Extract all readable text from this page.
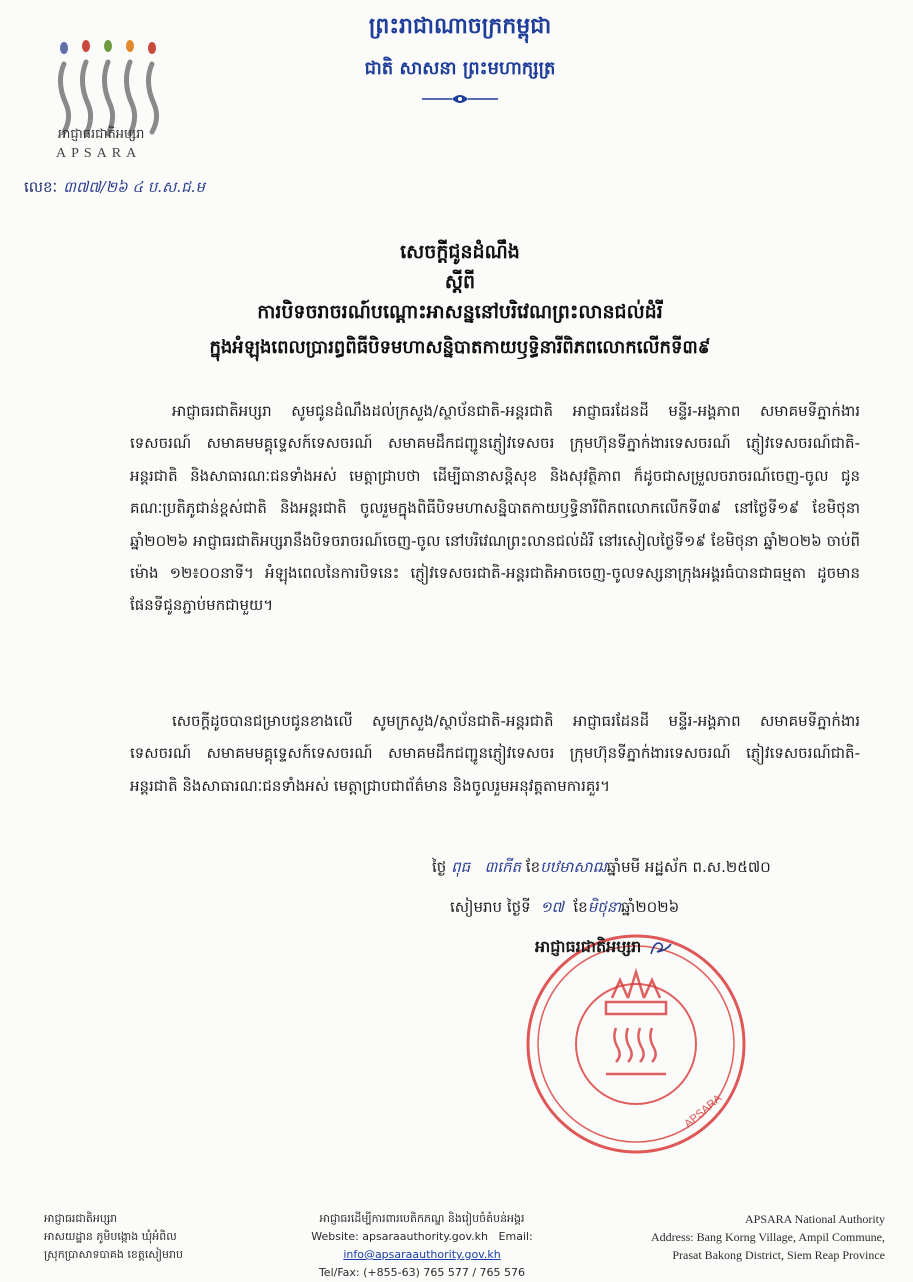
អាជ្ញាធរជាតិអប្សរា
APSARA
ព្រះរាជាណាចក្រកម្ពុជា
ជាតិ សាសនា ព្រះមហាក្សត្រ
លេខៈ ៣៧៧/២៦ ៤ ប.ស.ជ.ម
សេចក្តីជូនដំណឹង
ស្តីពី
ការបិទចរាចរណ៍បណ្តោះអាសន្ននៅបរិវេណព្រះលានជល់ដំរី
ក្នុងអំឡុងពេលប្រារព្ធពិធីបិទមហាសន្និបាតកាយឫទ្ធិនារីពិភពលោកលើកទី៣៩
អាជ្ញាធរជាតិអប្សរា សូមជូនដំណឹងដល់ក្រសួង/ស្ថាប័នជាតិ-អន្តរជាតិ អាជ្ញាធរដែនដី មន្ទីរ-អង្គភាព សមាគមទីភ្នាក់ងារទេសចរណ៍ សមាគមមគ្គុទ្ទេសក៍ទេសចរណ៍ សមាគមដឹកជញ្ជូនភ្ញៀវទេសចរ ក្រុមហ៊ុនទីភ្នាក់ងារទេសចរណ៍ ភ្ញៀវទេសចរណ៍ជាតិ-អន្តរជាតិ និងសាធារណៈជនទាំងអស់ មេត្តាជ្រាបថា ដើម្បីធានាសន្តិសុខ និងសុវត្ថិភាព ក៏ដូចជាសម្រួលចរាចរណ៍ចេញ-ចូល ជូនគណៈប្រតិភូជាន់ខ្ពស់ជាតិ និងអន្តរជាតិ ចូលរួមក្នុងពិធីបិទមហាសន្និបាតកាយឫទ្ធិនារីពិភពលោកលើកទី៣៩ នៅថ្ងៃទី១៩ ខែមិថុនា ឆ្នាំ២០២៦ អាជ្ញាធរជាតិអប្សរានឹងបិទចរាចរណ៍ចេញ-ចូល នៅបរិវេណព្រះលានជល់ដំរី នៅរសៀលថ្ងៃទី១៩ ខែមិថុនា ឆ្នាំ២០២៦ ចាប់ពីម៉ោង ១២៖០០នាទី។ អំឡុងពេលនៃការបិទនេះ ភ្ញៀវទេសចរជាតិ-អន្តរជាតិអាចចេញ-ចូលទស្សនាក្រុងអង្គរធំបានជាធម្មតា ដូចមានផែនទីជូនភ្ជាប់មកជាមួយ។
សេចក្តីដូចបានជម្រាបជូនខាងលើ សូមក្រសួង/ស្ថាប័នជាតិ-អន្តរជាតិ អាជ្ញាធរដែនដី មន្ទីរ-អង្គភាព សមាគមទីភ្នាក់ងារទេសចរណ៍ សមាគមមគ្គុទ្ទេសក៍ទេសចរណ៍ សមាគមដឹកជញ្ជូនភ្ញៀវទេសចរ ក្រុមហ៊ុនទីភ្នាក់ងារទេសចរណ៍ ភ្ញៀវទេសចរណ៍ជាតិ-អន្តរជាតិ និងសាធារណៈជនទាំងអស់ មេត្តាជ្រាបជាព័ត៌មាន និងចូលរួមអនុវត្តតាមការគួរ។
ថ្ងៃ ពុធ ៣កើត ខែបឋមាសាឍឆ្នាំមមី អដ្ឋស័ក ព.ស.២៥៧០
សៀមរាប ថ្ងៃទី ១៧ ខែមិថុនាឆ្នាំ២០២៦
APSARA
អាជ្ញាធរជាតិអប្សរា
អាជ្ញាធរជាតិអប្សរា
អាសយដ្ឋាន ភូមិបង្កោង ឃុំអំពិល
ស្រុកប្រាសាទបាគង ខេត្តសៀមរាប
អាជ្ញាធរដើម្បីការពារបេតិកភណ្ឌ និងរៀបចំតំបន់អង្គរ
Website: apsaraauthority.gov.kh Email: info@apsaraauthority.gov.kh
Tel/Fax: (+855-63) 765 577 / 765 576
APSARA National Authority
Address: Bang Korng Village, Ampil Commune,
Prasat Bakong District, Siem Reap Province
